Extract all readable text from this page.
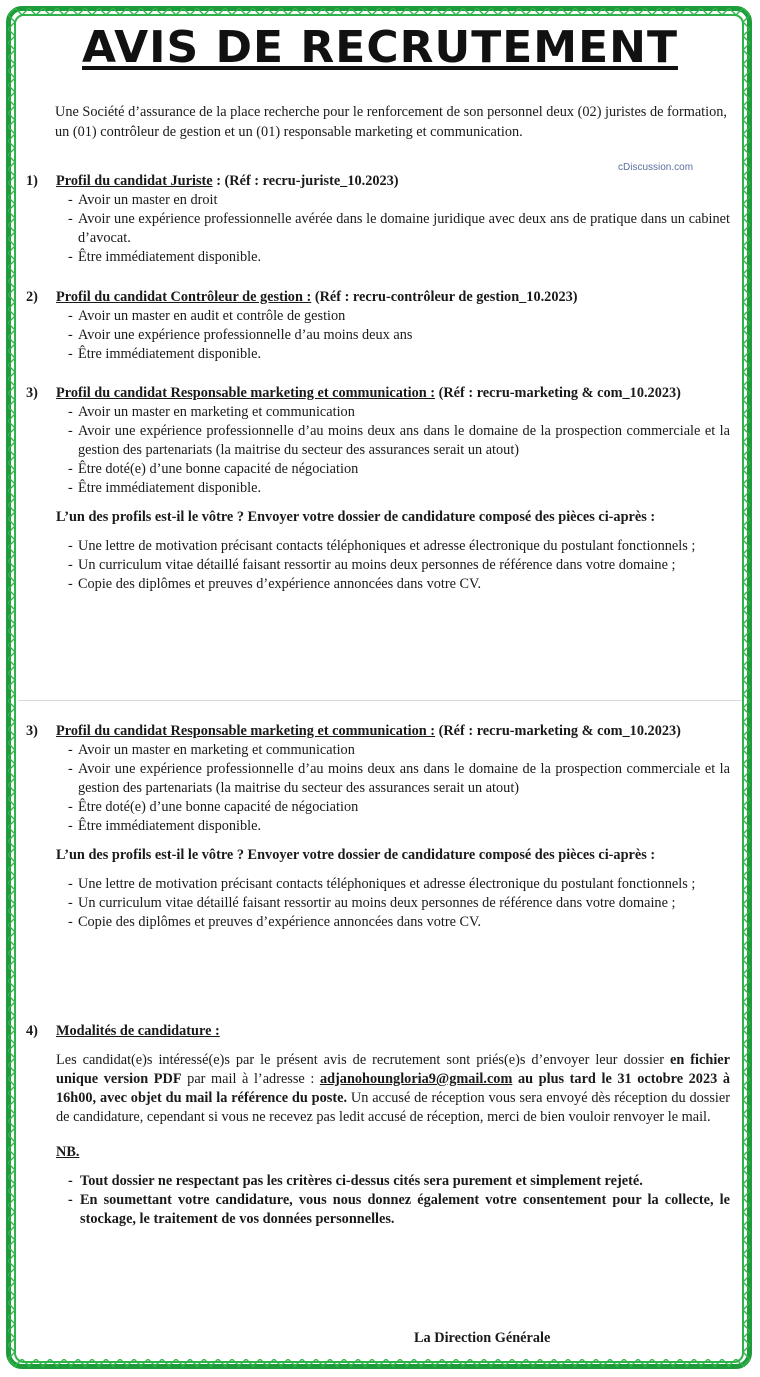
AVIS DE RECRUTEMENT
Une Société d’assurance de la place recherche pour le renforcement de son personnel deux (02) juristes de formation, un (01) contrôleur de gestion et un (01) responsable marketing et communication.
cDiscussion.com
1)	Profil du candidat Juriste : (Réf : recru-juriste_10.2023)
- Avoir un master en droit
- Avoir une expérience professionnelle avérée dans le domaine juridique avec deux ans de pratique dans un cabinet d’avocat.
- Être immédiatement disponible.
2)	Profil du candidat Contrôleur de gestion : (Réf : recru-contrôleur de gestion_10.2023)
- Avoir un master en audit et contrôle de gestion
- Avoir une expérience professionnelle d’au moins deux ans
- Être immédiatement disponible.
3)	Profil du candidat Responsable marketing et communication : (Réf : recru-marketing & com_10.2023)
- Avoir un master en marketing et communication
- Avoir une expérience professionnelle d’au moins deux ans dans le domaine de la prospection commerciale et la gestion des partenariats (la maitrise du secteur des assurances serait un atout)
- Être doté(e) d’une bonne capacité de négociation
- Être immédiatement disponible.
L’un des profils est-il le vôtre ? Envoyer votre dossier de candidature composé des pièces ci-après :
- Une lettre de motivation précisant contacts téléphoniques et adresse électronique du postulant fonctionnels ;
- Un curriculum vitae détaillé faisant ressortir au moins deux personnes de référence dans votre domaine ;
- Copie des diplômes et preuves d’expérience annoncées dans votre CV.
3)	Profil du candidat Responsable marketing et communication : (Réf : recru-marketing & com_10.2023)
- Avoir un master en marketing et communication
- Avoir une expérience professionnelle d’au moins deux ans dans le domaine de la prospection commerciale et la gestion des partenariats (la maitrise du secteur des assurances serait un atout)
- Être doté(e) d’une bonne capacité de négociation
- Être immédiatement disponible.
L’un des profils est-il le vôtre ? Envoyer votre dossier de candidature composé des pièces ci-après :
- Une lettre de motivation précisant contacts téléphoniques et adresse électronique du postulant fonctionnels ;
- Un curriculum vitae détaillé faisant ressortir au moins deux personnes de référence dans votre domaine ;
- Copie des diplômes et preuves d’expérience annoncées dans votre CV.
4)	Modalités de candidature :
Les candidat(e)s intéressé(e)s par le présent avis de recrutement sont priés(e)s d’envoyer leur dossier en fichier unique version PDF par mail à l’adresse : adjanohoungloria9@gmail.com au plus tard le 31 octobre 2023 à 16h00, avec objet du mail la référence du poste. Un accusé de réception vous sera envoyé dès réception du dossier de candidature, cependant si vous ne recevez pas ledit accusé de réception, merci de bien vouloir renvoyer le mail.
NB.
- Tout dossier ne respectant pas les critères ci-dessus cités sera purement et simplement rejeté.
- En soumettant votre candidature, vous nous donnez également votre consentement pour la collecte, le stockage, le traitement de vos données personnelles.
La Direction Générale
